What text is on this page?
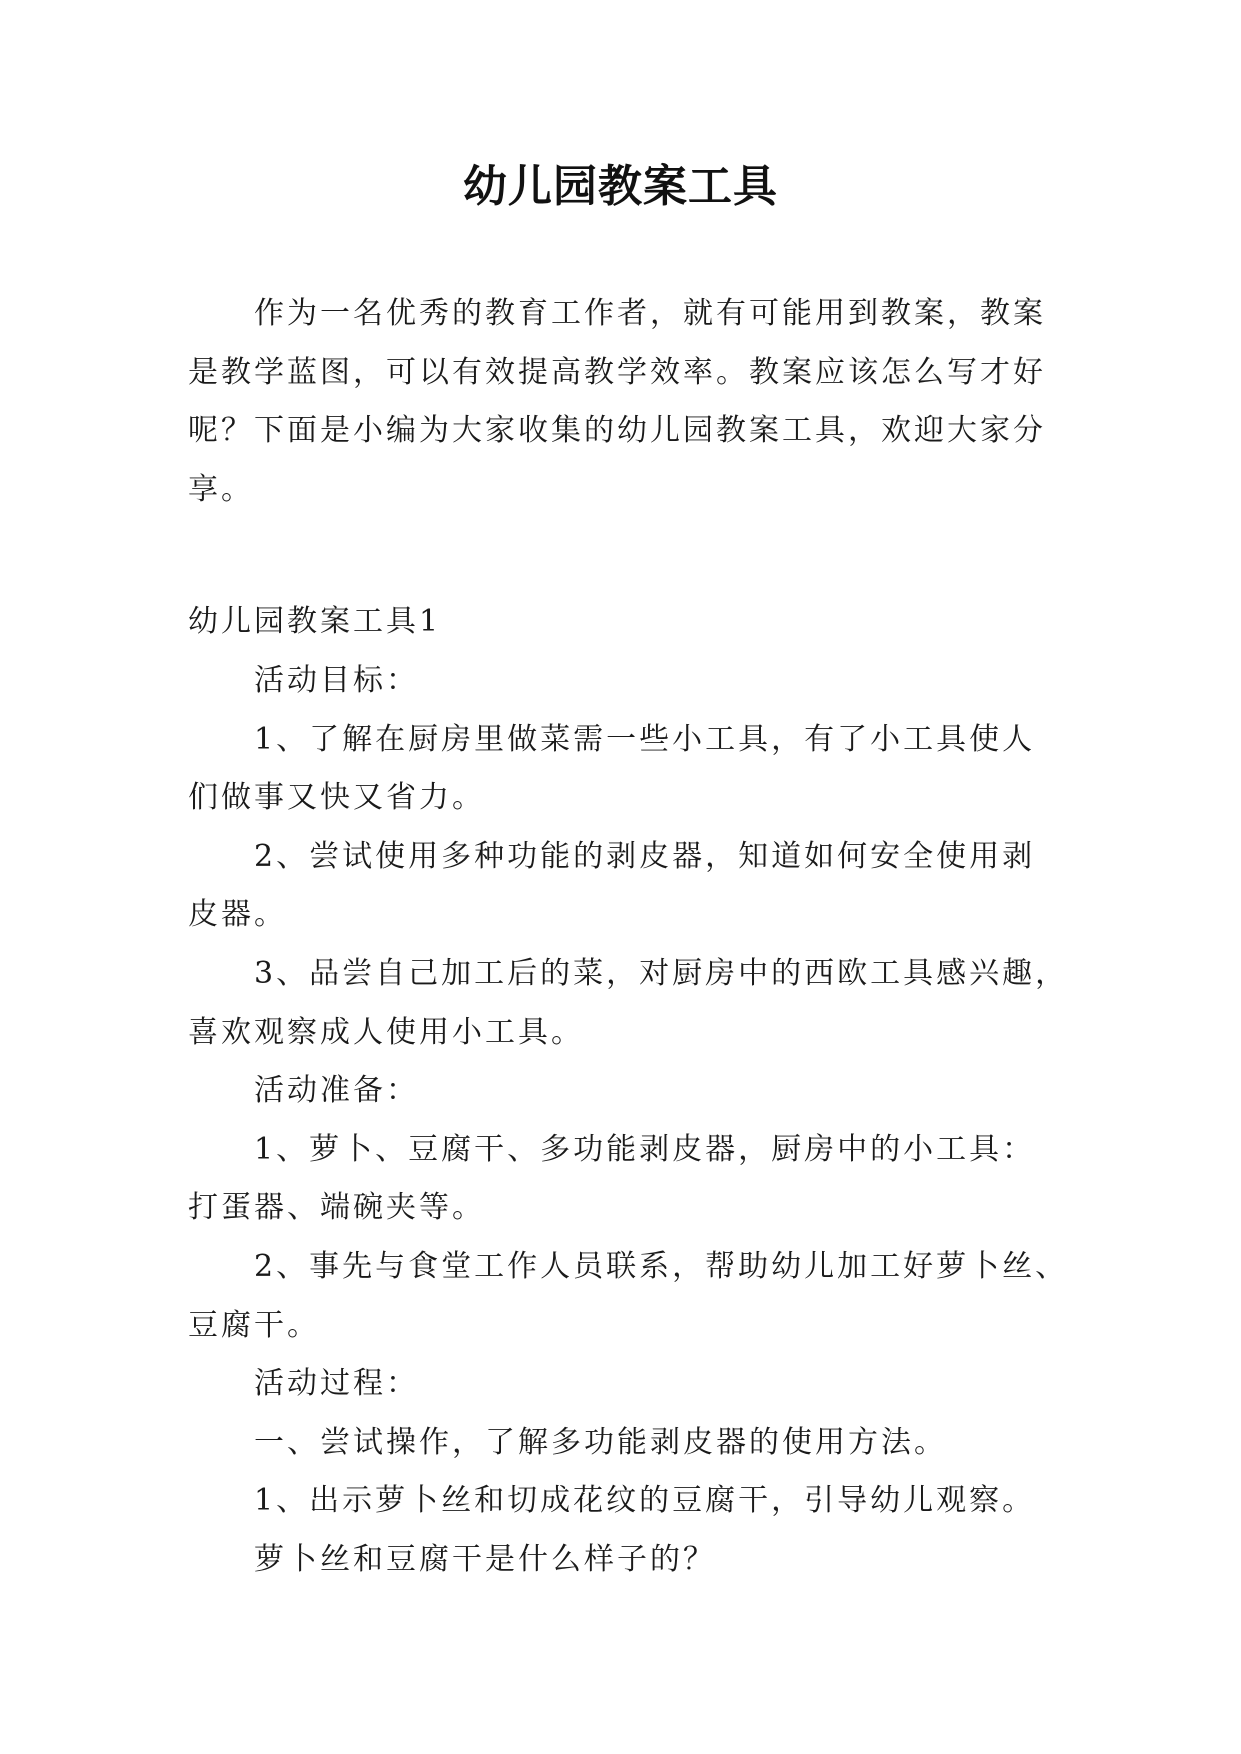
幼儿园教案工具
作为一名优秀的教育工作者，就有可能用到教案，教案
是教学蓝图，可以有效提高教学效率。教案应该怎么写才好
呢？下面是小编为大家收集的幼儿园教案工具，欢迎大家分
享。
幼儿园教案工具1
活动目标：
1、了解在厨房里做菜需一些小工具，有了小工具使人
们做事又快又省力。
2、尝试使用多种功能的剥皮器，知道如何安全使用剥
皮器。
3、品尝自己加工后的菜，对厨房中的西欧工具感兴趣，
喜欢观察成人使用小工具。
活动准备：
1、萝卜、豆腐干、多功能剥皮器，厨房中的小工具：
打蛋器、端碗夹等。
2、事先与食堂工作人员联系，帮助幼儿加工好萝卜丝、
豆腐干。
活动过程：
一、尝试操作，了解多功能剥皮器的使用方法。
1、出示萝卜丝和切成花纹的豆腐干，引导幼儿观察。
萝卜丝和豆腐干是什么样子的？
